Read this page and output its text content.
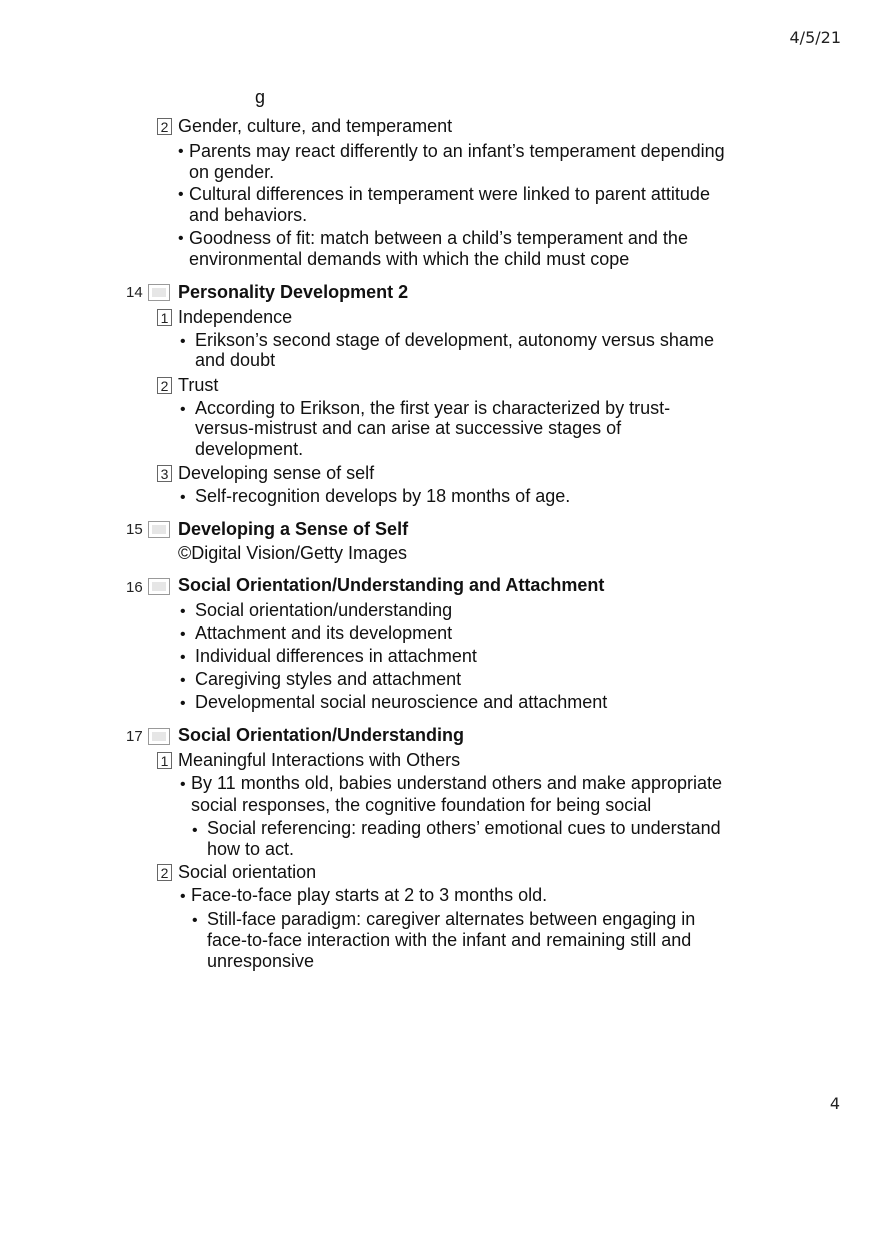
4/5/21
g
2 Gender, culture, and temperament
• Parents may react differently to an infant’s temperament depending
on gender.
• Cultural differences in temperament were linked to parent attitude
and behaviors.
• Goodness of fit: match between a child’s temperament and the
environmental demands with which the child must cope
14 Personality Development 2
1 Independence
• Erikson’s second stage of development, autonomy versus shame
and doubt
2 Trust
• According to Erikson, the first year is characterized by trust-
versus-mistrust and can arise at successive stages of
development.
3 Developing sense of self
• Self-recognition develops by 18 months of age.
15 Developing a Sense of Self
©Digital Vision/Getty Images
16 Social Orientation/Understanding and Attachment
• Social orientation/understanding
• Attachment and its development
• Individual differences in attachment
• Caregiving styles and attachment
• Developmental social neuroscience and attachment
17 Social Orientation/Understanding
1 Meaningful Interactions with Others
• By 11 months old, babies understand others and make appropriate
social responses, the cognitive foundation for being social
• Social referencing: reading others’ emotional cues to understand
how to act.
2 Social orientation
• Face-to-face play starts at 2 to 3 months old.
• Still-face paradigm: caregiver alternates between engaging in
face-to-face interaction with the infant and remaining still and
unresponsive
4
